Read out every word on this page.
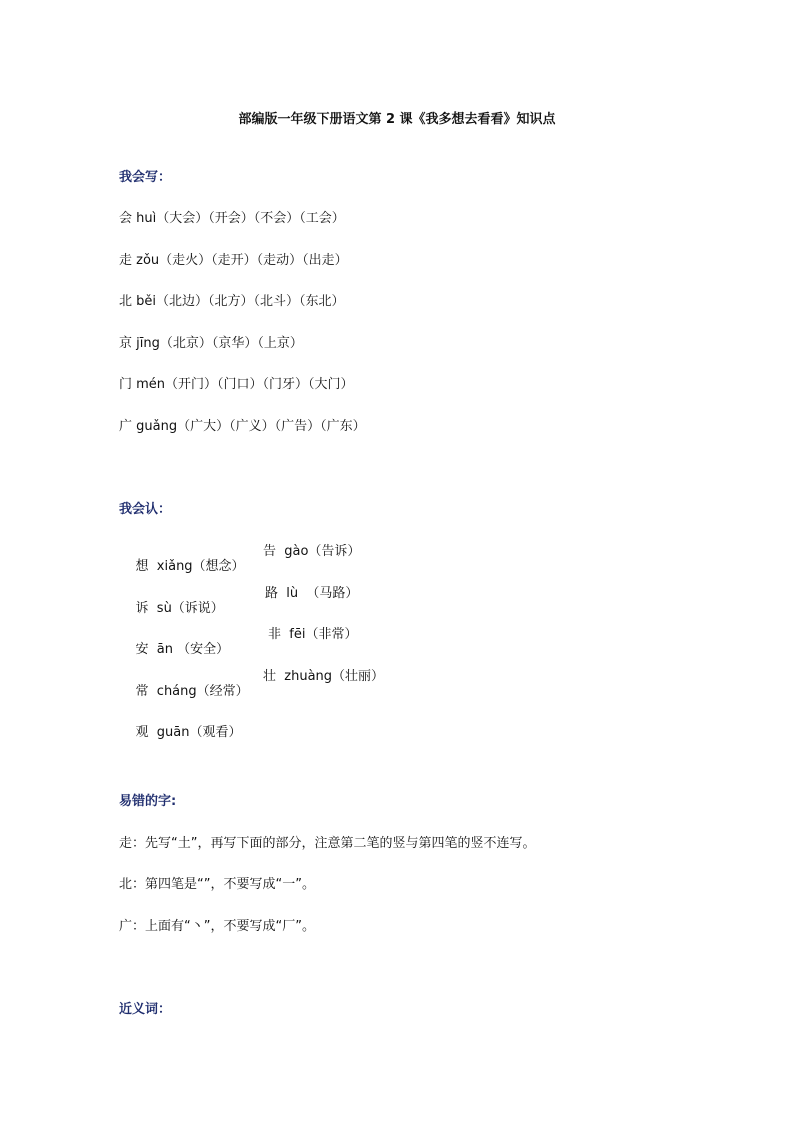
部编版一年级下册语文第 2 课《我多想去看看》知识点
我会写：
会 huì（大会）（开会）（不会）（工会）
走 zǒu（走火）（走开）（走动）（出走）
北 běi（北边）（北方）（北斗）（东北）
京 jīng（北京）（京华）（上京）
门 mén（开门）（门口）（门牙）（大门）
广 guǎng（广大）（广义）（广告）（广东）
我会认：

想  xiǎng（想念）

告  gào（告诉）

诉  sù（诉说）

路  lù  （马路）

安  ān （安全）

非  fēi（非常）

常  cháng（经常）

壮  zhuàng（壮丽）

观  guān（观看）

易错的字:
走：先写“土”，再写下面的部分，注意第二笔的竖与第四笔的竖不连写。
北：第四笔是“”，不要写成“一”。
广：上面有“丶”，不要写成“厂”。
近义词：
